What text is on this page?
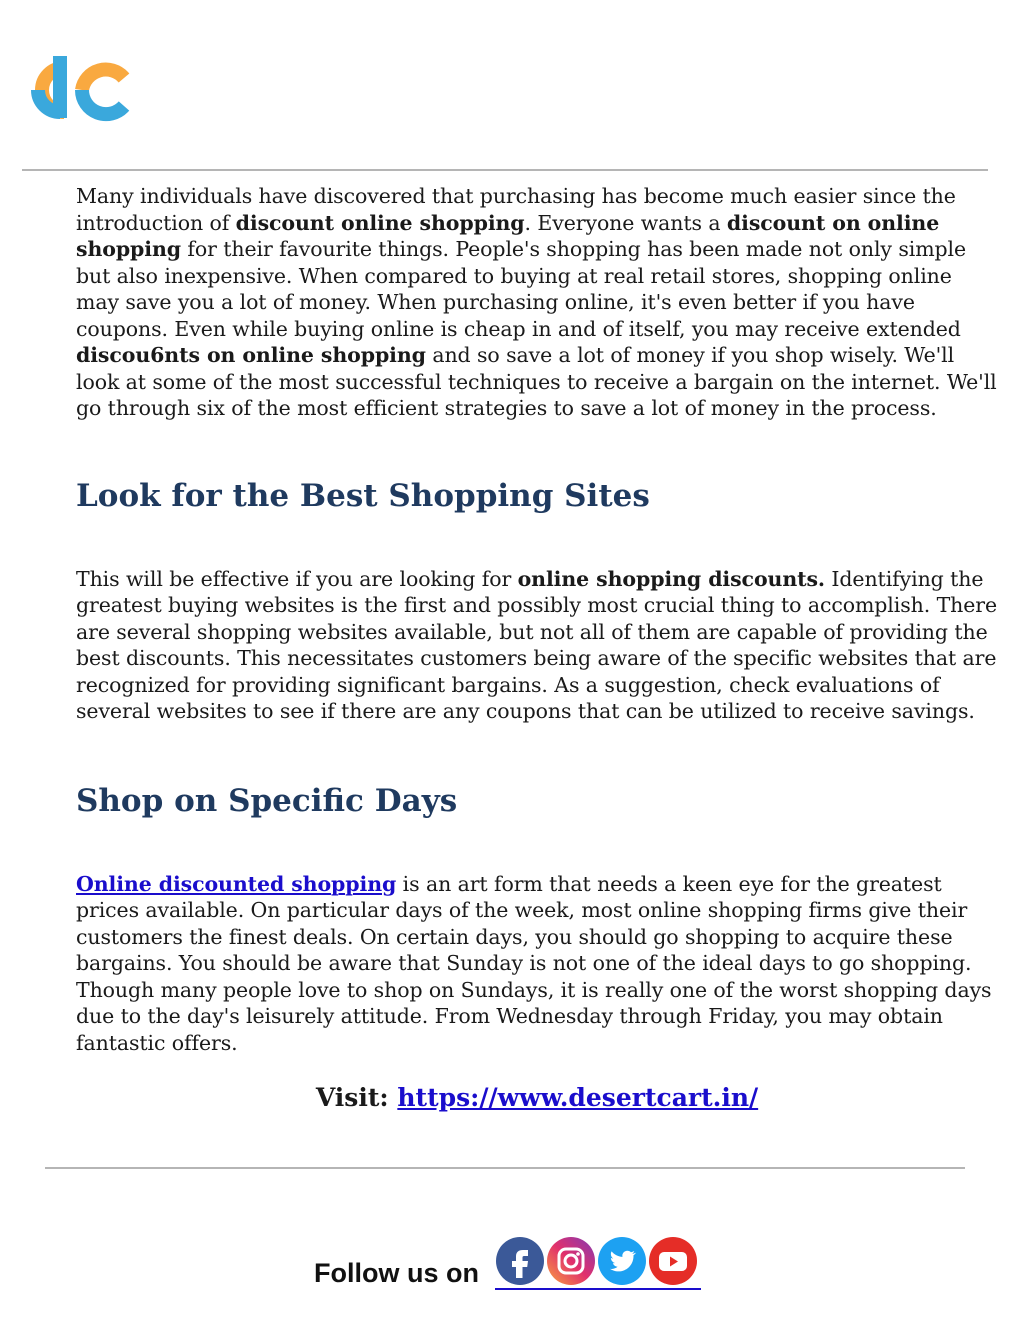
Many individuals have discovered that purchasing has become much easier since the introduction of discount online shopping. Everyone wants a discount on online shopping for their favourite things. People's shopping has been made not only simple but also inexpensive. When compared to buying at real retail stores, shopping online may save you a lot of money. When purchasing online, it's even better if you have coupons. Even while buying online is cheap in and of itself, you may receive extended discou6nts on online shopping and so save a lot of money if you shop wisely. We'll look at some of the most successful techniques to receive a bargain on the internet. We'll go through six of the most efficient strategies to save a lot of money in the process.

Look for the Best Shopping Sites

This will be effective if you are looking for online shopping discounts. Identifying the greatest buying websites is the first and possibly most crucial thing to accomplish. There are several shopping websites available, but not all of them are capable of providing the best discounts. This necessitates customers being aware of the specific websites that are recognized for providing significant bargains. As a suggestion, check evaluations of several websites to see if there are any coupons that can be utilized to receive savings.

Shop on Specific Days

Online discounted shopping is an art form that needs a keen eye for the greatest prices available. On particular days of the week, most online shopping firms give their customers the finest deals. On certain days, you should go shopping to acquire these bargains. You should be aware that Sunday is not one of the ideal days to go shopping. Though many people love to shop on Sundays, it is really one of the worst shopping days due to the day's leisurely attitude. From Wednesday through Friday, you may obtain fantastic offers.

Visit: https://www.desertcart.in/
Follow us on
